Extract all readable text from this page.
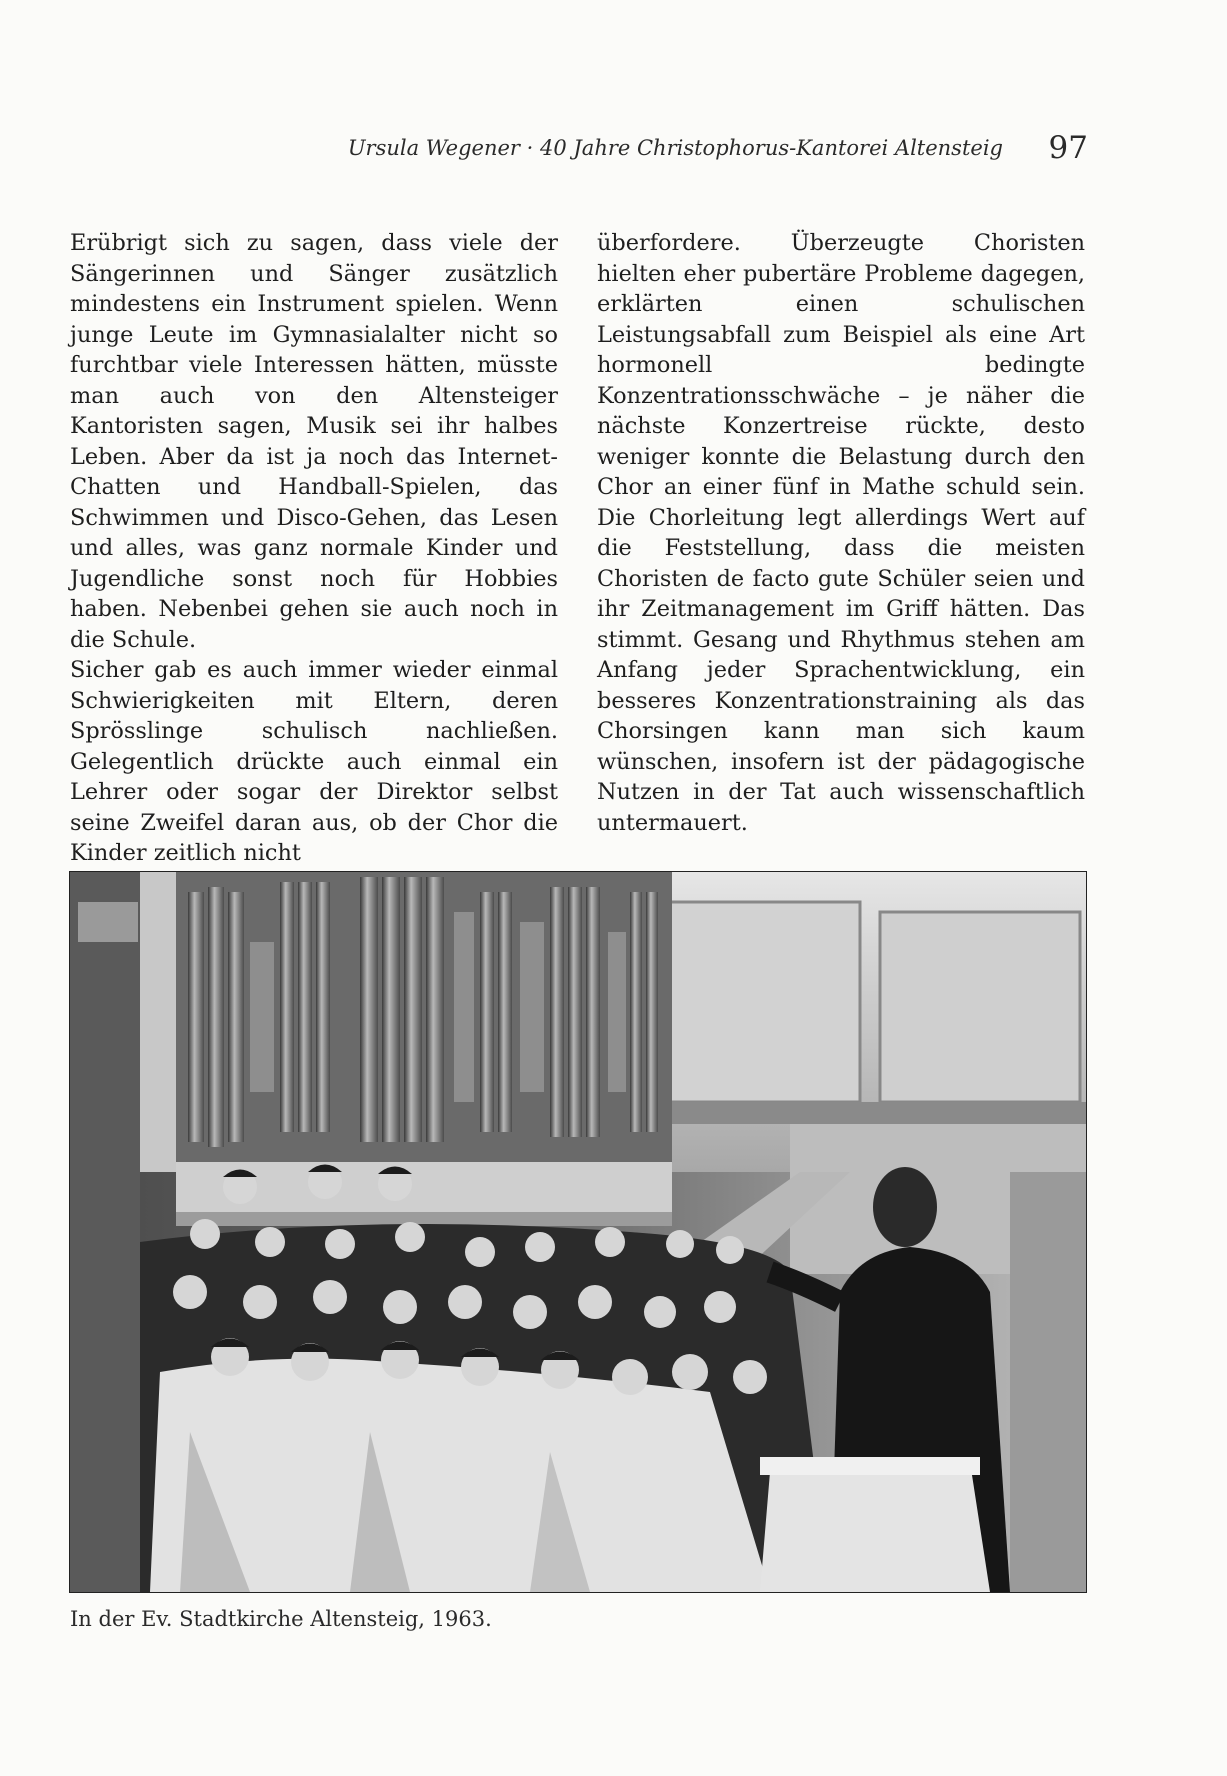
Ursula Wegener · 40 Jahre Christophorus-Kantorei Altensteig 97

Erübrigt sich zu sagen, dass viele der Sängerinnen und Sänger zusätzlich mindestens ein Instrument spielen. Wenn junge Leute im Gymnasialalter nicht so furchtbar viele Interessen hätten, müsste man auch von den Altensteiger Kantoristen sagen, Musik sei ihr halbes Leben. Aber da ist ja noch das Internet-Chatten und Handball-Spielen, das Schwimmen und Disco-Gehen, das Lesen und alles, was ganz normale Kinder und Jugendliche sonst noch für Hobbies haben. Nebenbei gehen sie auch noch in die Schule.

Sicher gab es auch immer wieder einmal Schwierigkeiten mit Eltern, deren Sprösslinge schulisch nachließen. Gelegentlich drückte auch einmal ein Lehrer oder sogar der Direktor selbst seine Zweifel daran aus, ob der Chor die Kinder zeitlich nicht

überfordere. Überzeugte Choristen hielten eher pubertäre Probleme dagegen, erklärten einen schulischen Leistungsabfall zum Beispiel als eine Art hormonell bedingte Konzentrationsschwäche – je näher die nächste Konzertreise rückte, desto weniger konnte die Belastung durch den Chor an einer fünf in Mathe schuld sein. Die Chorleitung legt allerdings Wert auf die Feststellung, dass die meisten Choristen de facto gute Schüler seien und ihr Zeitmanagement im Griff hätten. Das stimmt. Gesang und Rhythmus stehen am Anfang jeder Sprachentwicklung, ein besseres Konzentrationstraining als das Chorsingen kann man sich kaum wünschen, insofern ist der pädagogische Nutzen in der Tat auch wissenschaftlich untermauert.

In der Ev. Stadtkirche Altensteig, 1963.
